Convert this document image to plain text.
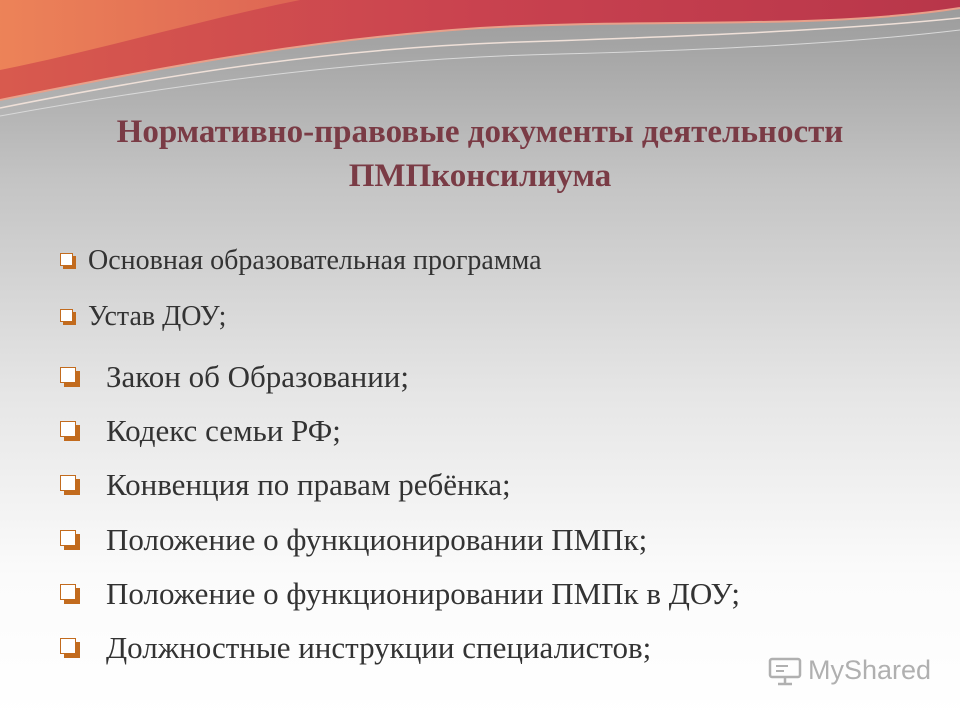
Нормативно-правовые документы деятельности
ПМПконсилиума
Основная образовательная программа
Устав ДОУ;
Закон об Образовании;
Кодекс семьи РФ;
Конвенция по правам ребёнка;
Положение о функционировании ПМПк;
Положение о функционировании ПМПк в ДОУ;
Должностные инструкции специалистов;
MyShared
